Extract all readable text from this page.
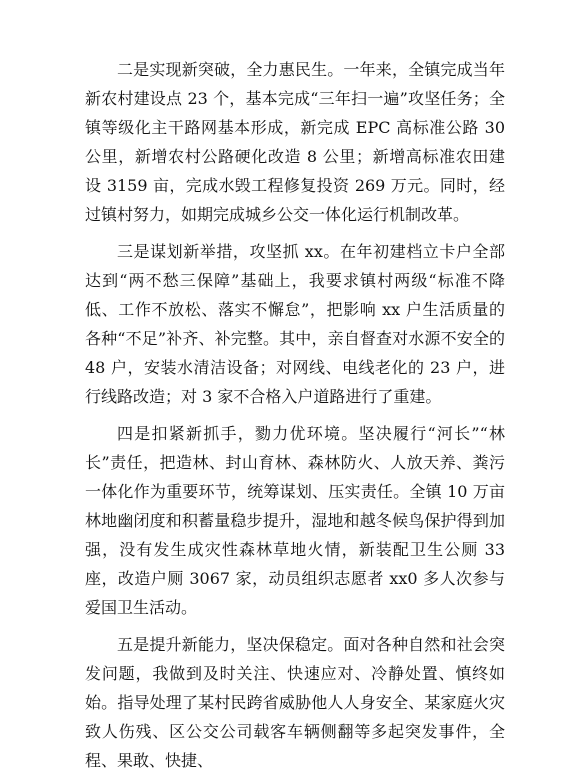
二是实现新突破，全力惠民生。一年来，全镇完成当年新农村建设点 23 个，基本完成“三年扫一遍”攻坚任务；全镇等级化主干路网基本形成，新完成 EPC 高标准公路 30 公里，新增农村公路硬化改造 8 公里；新增高标准农田建设 3159 亩，完成水毁工程修复投资 269 万元。同时，经过镇村努力，如期完成城乡公交一体化运行机制改革。

三是谋划新举措，攻坚抓 xx。在年初建档立卡户全部达到“两不愁三保障”基础上，我要求镇村两级“标准不降低、工作不放松、落实不懈怠”，把影响 xx 户生活质量的各种“不足”补齐、补完整。其中，亲自督查对水源不安全的 48 户，安装水清洁设备；对网线、电线老化的 23 户，进行线路改造；对 3 家不合格入户道路进行了重建。

四是扣紧新抓手，勠力优环境。坚决履行“河长”“林长”责任，把造林、封山育林、森林防火、人放天养、粪污一体化作为重要环节，统筹谋划、压实责任。全镇 10 万亩林地幽闭度和积蓄量稳步提升，湿地和越冬候鸟保护得到加强，没有发生成灾性森林草地火情，新装配卫生公厕 33 座，改造户厕 3067 家，动员组织志愿者 xx0 多人次参与爱国卫生活动。

五是提升新能力，坚决保稳定。面对各种自然和社会突发问题，我做到及时关注、快速应对、冷静处置、慎终如始。指导处理了某村民跨省威胁他人人身安全、某家庭火灾致人伤残、区公交公司载客车辆侧翻等多起突发事件，全程、果敢、快捷、
